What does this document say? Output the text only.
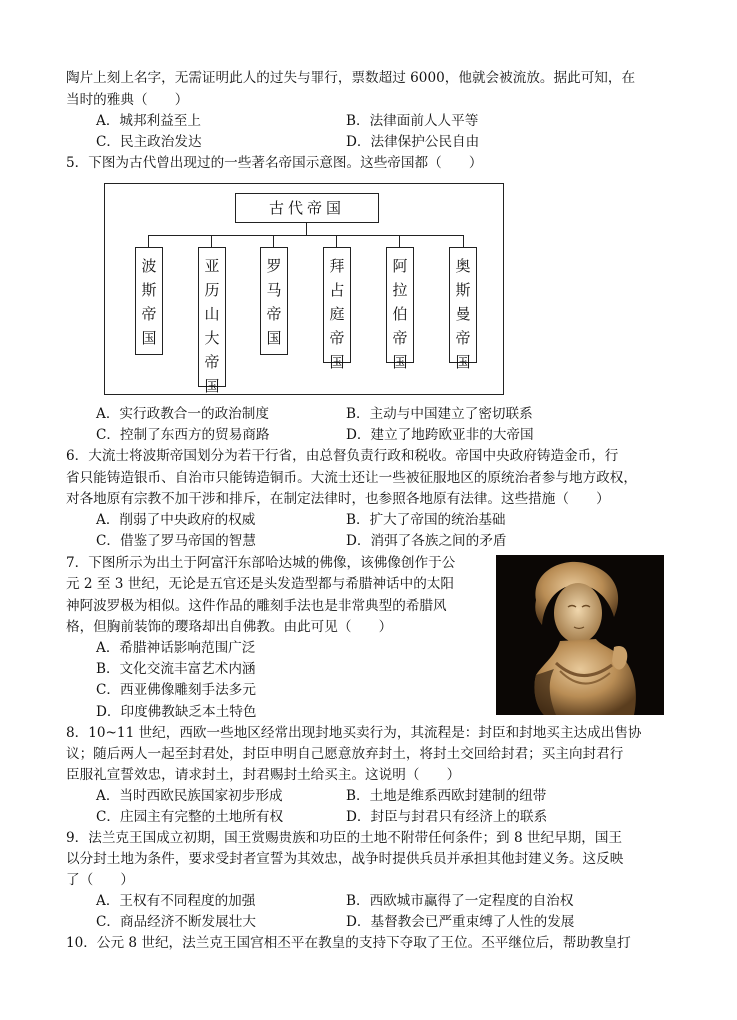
陶片上刻上名字，无需证明此人的过失与罪行，票数超过 6000，他就会被流放。据此可知，在
当时的雅典（　　）
A．城邦利益至上	B．法律面前人人平等
C．民主政治发达	D．法律保护公民自由
5．下图为古代曾出现过的一些著名帝国示意图。这些帝国都（　　）
古代帝国
波
斯
帝
国
亚
历
山
大
帝
国
罗
马
帝
国
拜
占
庭
帝
国
阿
拉
伯
帝
国
奥
斯
曼
帝
国
A．实行政教合一的政治制度	B．主动与中国建立了密切联系
C．控制了东西方的贸易商路	D．建立了地跨欧亚非的大帝国
6．大流士将波斯帝国划分为若干行省，由总督负责行政和税收。帝国中央政府铸造金币，行
省只能铸造银币、自治市只能铸造铜币。大流士还让一些被征服地区的原统治者参与地方政权，
对各地原有宗教不加干涉和排斥，在制定法律时，也参照各地原有法律。这些措施（　　）
A．削弱了中央政府的权威	B．扩大了帝国的统治基础
C．借鉴了罗马帝国的智慧	D．消弭了各族之间的矛盾
7．下图所示为出土于阿富汗东部哈达城的佛像，该佛像创作于公
元 2 至 3 世纪，无论是五官还是头发造型都与希腊神话中的太阳
神阿波罗极为相似。这件作品的雕刻手法也是非常典型的希腊风
格，但胸前装饰的璎珞却出自佛教。由此可见（　　）
A．希腊神话影响范围广泛
B．文化交流丰富艺术内涵
C．西亚佛像雕刻手法多元
D．印度佛教缺乏本土特色
8．10~11 世纪，西欧一些地区经常出现封地买卖行为，其流程是：封臣和封地买主达成出售协
议；随后两人一起至封君处，封臣申明自己愿意放弃封土，将封土交回给封君；买主向封君行
臣服礼宣誓效忠，请求封土，封君赐封土给买主。这说明（　　）
A．当时西欧民族国家初步形成	B．土地是维系西欧封建制的纽带
C．庄园主有完整的土地所有权	D．封臣与封君只有经济上的联系
9．法兰克王国成立初期，国王赏赐贵族和功臣的土地不附带任何条件；到 8 世纪早期，国王
以分封土地为条件，要求受封者宣誓为其效忠，战争时提供兵员并承担其他封建义务。这反映
了（　　）
A．王权有不同程度的加强	B．西欧城市赢得了一定程度的自治权
C．商品经济不断发展壮大	D．基督教会已严重束缚了人性的发展
10．公元 8 世纪，法兰克王国宫相丕平在教皇的支持下夺取了王位。丕平继位后，帮助教皇打
